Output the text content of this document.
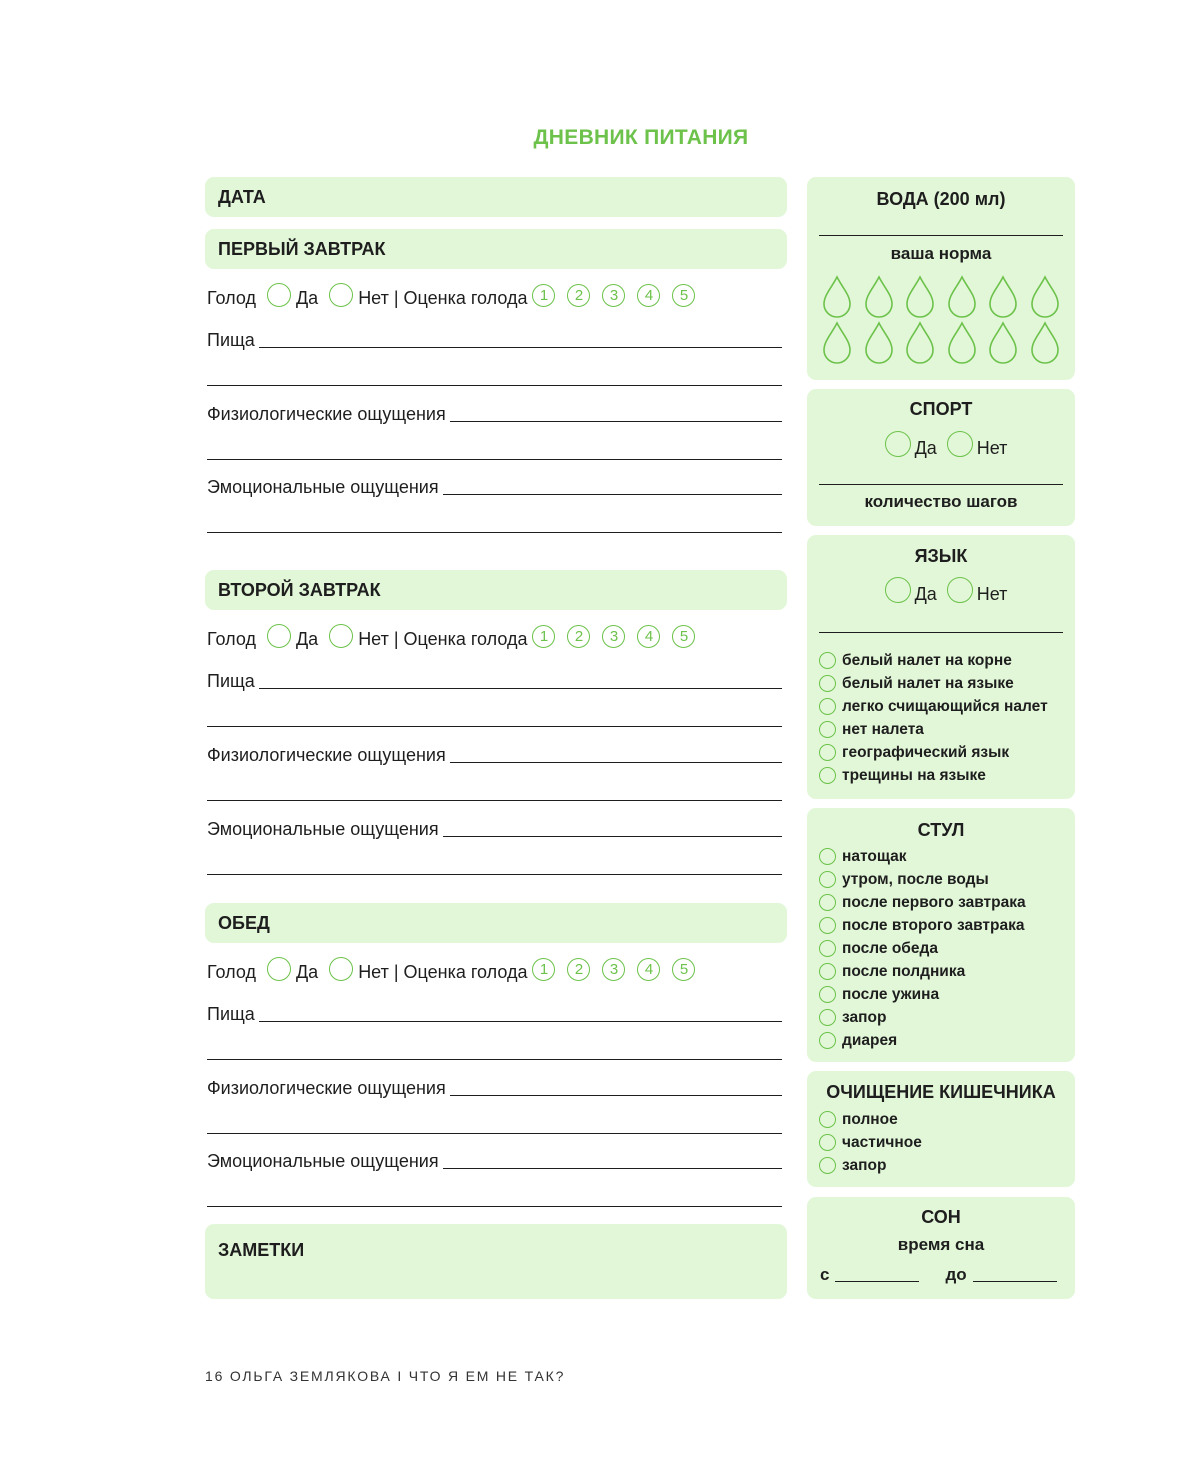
ДНЕВНИК ПИТАНИЯ
ДАТА
ПЕРВЫЙ ЗАВТРАК
Голод Да Нет | Оценка голода 1	2	3	4	5
Пища
Физиологические ощущения
Эмоциональные ощущения
ВТОРОЙ ЗАВТРАК
Голод Да Нет | Оценка голода 1	2	3	4	5
Пища
Физиологические ощущения
Эмоциональные ощущения
ОБЕД
Голод Да Нет | Оценка голода 1	2	3	4	5
Пища
Физиологические ощущения
Эмоциональные ощущения
ЗАМЕТКИ
ВОДА (200 мл)
ваша норма
СПОРТ
Да Нет
количество шагов
ЯЗЫК
Да Нет
белый налет на корне
белый налет на языке
легко счищающийся налет
нет налета
географический язык
трещины на языке
СТУЛ
натощак
утром, после воды
после первого завтрака
после второго завтрака
после обеда
после полдника
после ужина
запор
диарея
ОЧИЩЕНИЕ КИШЕЧНИКА
полное
частичное
запор
СОН
время сна
с	до
16 ОЛЬГА ЗЕМЛЯКОВА I ЧТО Я ЕМ НЕ ТАК?
